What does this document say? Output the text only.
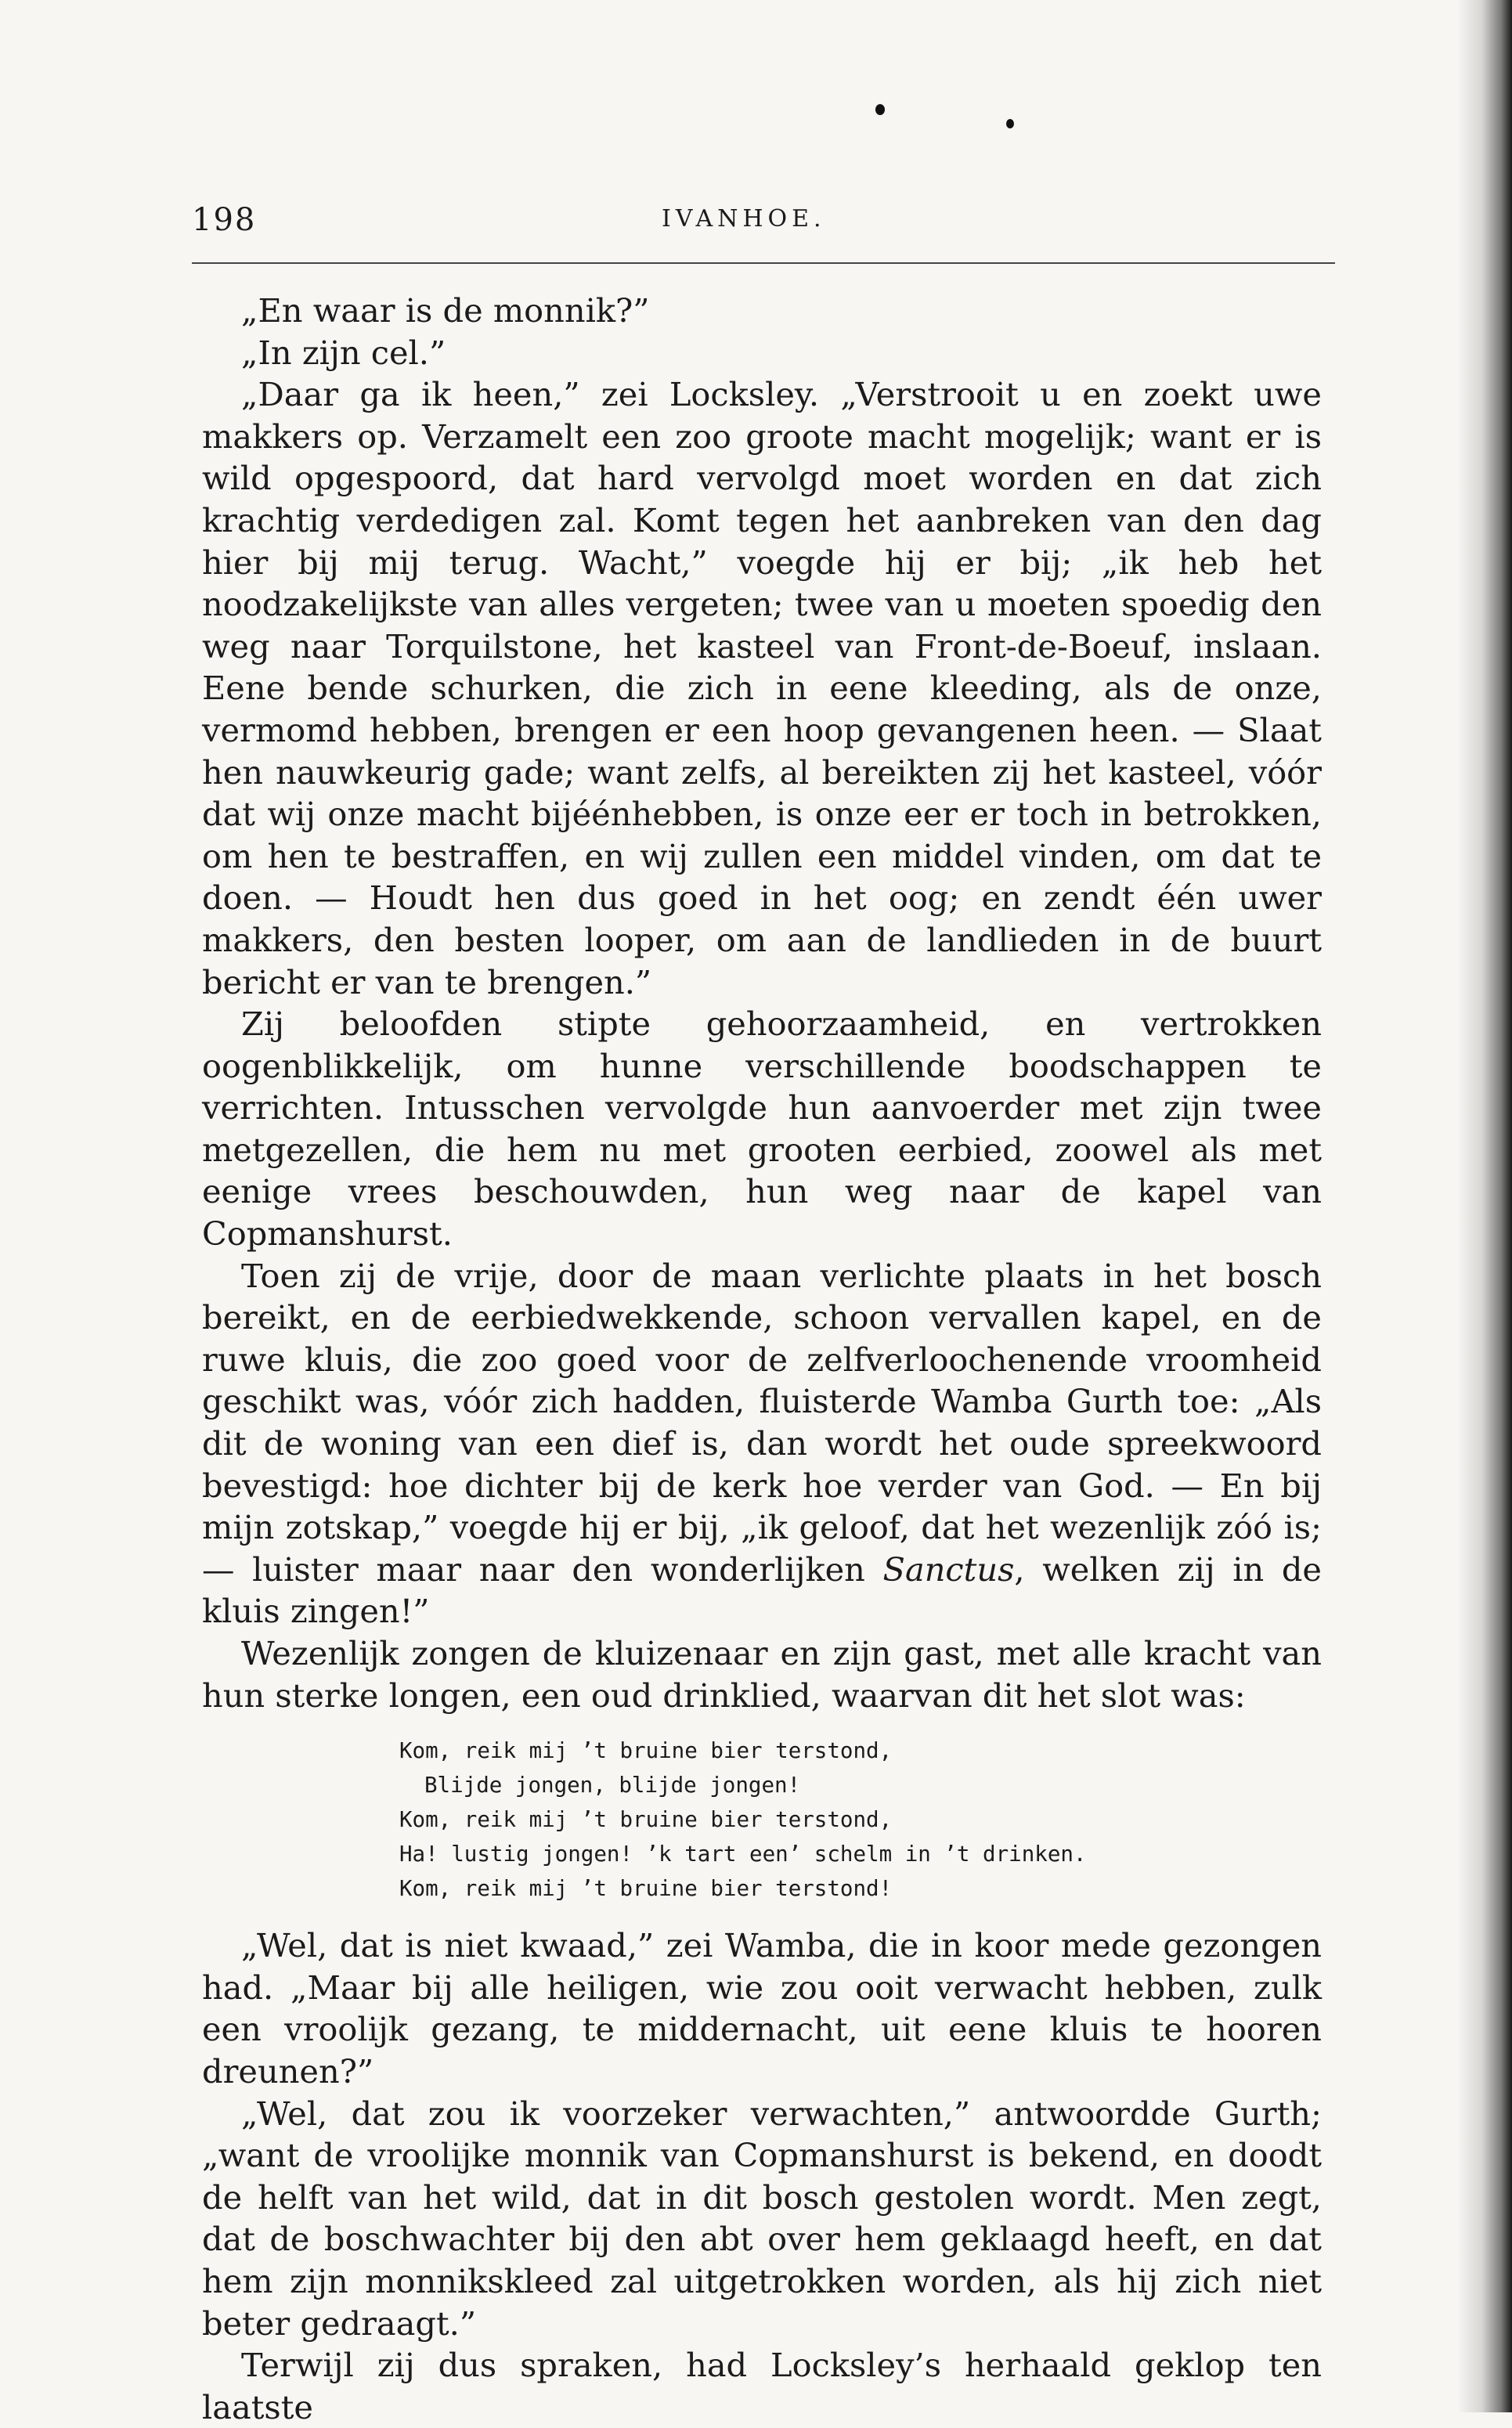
198	IVANHOE.

„En waar is de monnik?”

„In zijn cel.”

„Daar ga ik heen,” zei Locksley. „Verstrooit u en zoekt uwe makkers op. Verzamelt een zoo groote macht mogelijk; want er is wild opgespoord, dat hard vervolgd moet worden en dat zich krachtig verdedigen zal. Komt tegen het aanbreken van den dag hier bij mij terug. Wacht,” voegde hij er bij; „ik heb het noodzakelijkste van alles vergeten; twee van u moeten spoedig den weg naar Torquilstone, het kasteel van Front-de-Boeuf, inslaan. Eene bende schurken, die zich in eene kleeding, als de onze, vermomd hebben, brengen er een hoop gevangenen heen. — Slaat hen nauwkeurig gade; want zelfs, al bereikten zij het kasteel, vóór dat wij onze macht bijéénhebben, is onze eer er toch in betrokken, om hen te bestraffen, en wij zullen een middel vinden, om dat te doen. — Houdt hen dus goed in het oog; en zendt één uwer makkers, den besten looper, om aan de landlieden in de buurt bericht er van te brengen.”

Zij beloofden stipte gehoorzaamheid, en vertrokken oogenblikkelijk, om hunne verschillende boodschappen te verrichten. Intusschen vervolgde hun aanvoerder met zijn twee metgezellen, die hem nu met grooten eerbied, zoowel als met eenige vrees beschouwden, hun weg naar de kapel van Copmanshurst.

Toen zij de vrije, door de maan verlichte plaats in het bosch bereikt, en de eerbiedwekkende, schoon vervallen kapel, en de ruwe kluis, die zoo goed voor de zelfverloochenende vroomheid geschikt was, vóór zich hadden, fluisterde Wamba Gurth toe: „Als dit de woning van een dief is, dan wordt het oude spreekwoord bevestigd: hoe dichter bij de kerk hoe verder van God. — En bij mijn zotskap,” voegde hij er bij, „ik geloof, dat het wezenlijk zóó is; — luister maar naar den wonderlijken Sanctus, welken zij in de kluis zingen!”

Wezenlijk zongen de kluizenaar en zijn gast, met alle kracht van hun sterke longen, een oud drinklied, waarvan dit het slot was:

Kom, reik mij ’t bruine bier terstond,
Blijde jongen, blijde jongen!
Kom, reik mij ’t bruine bier terstond,
Ha! lustig jongen! ’k tart een’ schelm in ’t drinken.
Kom, reik mij ’t bruine bier terstond!

„Wel, dat is niet kwaad,” zei Wamba, die in koor mede gezongen had. „Maar bij alle heiligen, wie zou ooit verwacht hebben, zulk een vroolijk gezang, te middernacht, uit eene kluis te hooren dreunen?”

„Wel, dat zou ik voorzeker verwachten,” antwoordde Gurth; „want de vroolijke monnik van Copmanshurst is bekend, en doodt de helft van het wild, dat in dit bosch gestolen wordt. Men zegt, dat de boschwachter bij den abt over hem geklaagd heeft, en dat hem zijn monnikskleed zal uitgetrokken worden, als hij zich niet beter gedraagt.”

Terwijl zij dus spraken, had Locksley’s herhaald geklop ten laatste
